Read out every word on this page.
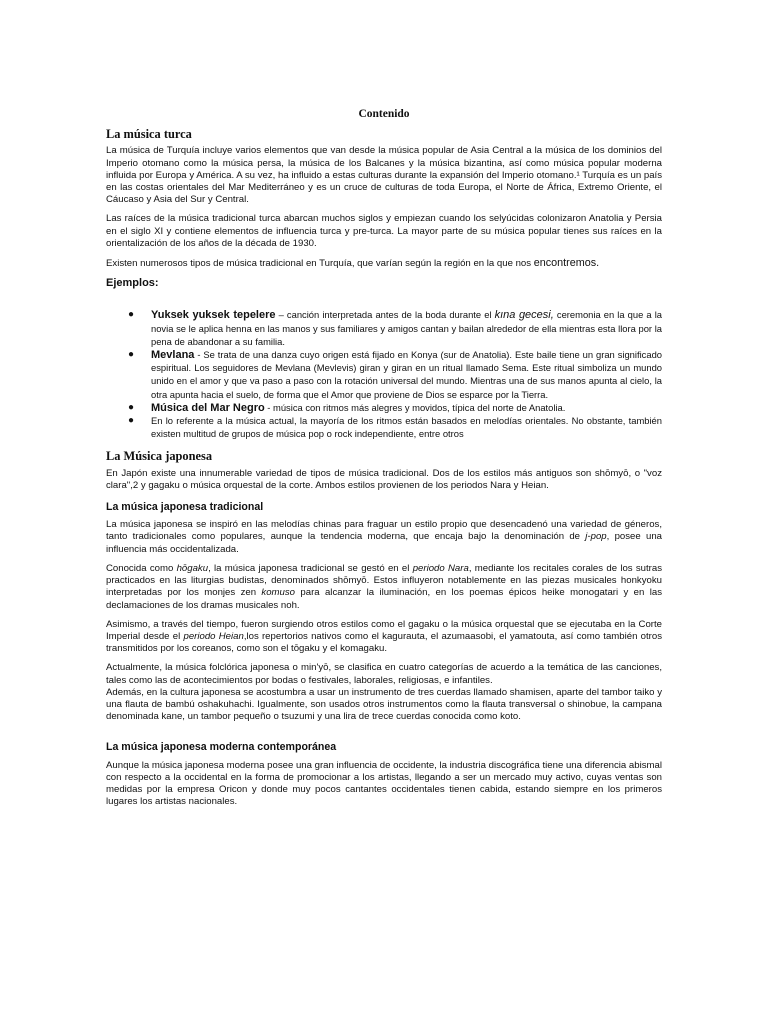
Contenido
La música turca

La música de Turquía incluye varios elementos que van desde la música popular de Asia Central a la música de los dominios del Imperio otomano como la música persa, la música de los Balcanes y la música bizantina, así como música popular moderna influida por Europa y América. A su vez, ha influido a estas culturas durante la expansión del Imperio otomano.¹ Turquía es un país en las costas orientales del Mar Mediterráneo y es un cruce de culturas de toda Europa, el Norte de África, Extremo Oriente, el Cáucaso y Asia del Sur y Central.

Las raíces de la música tradicional turca abarcan muchos siglos y empiezan cuando los selyúcidas colonizaron Anatolia y Persia en el siglo XI y contiene elementos de influencia turca y pre-turca. La mayor parte de su música popular tienes sus raíces en la orientalización de los años de la década de 1930.

Existen numerosos tipos de música tradicional en Turquía, que varían según la región en la que nos encontremos.

Ejemplos:
● Yuksek yuksek tepelere – canción interpretada antes de la boda durante el kına gecesi, ceremonia en la que a la novia se le aplica henna en las manos y sus familiares y amigos cantan y bailan alrededor de ella mientras esta llora por la pena de abandonar a su familia.
● Mevlana - Se trata de una danza cuyo origen está fijado en Konya (sur de Anatolia). Este baile tiene un gran significado espiritual. Los seguidores de Mevlana (Mevlevis) giran y giran en un ritual llamado Sema. Este ritual simboliza un mundo unido en el amor y que va paso a paso con la rotación universal del mundo. Mientras una de sus manos apunta al cielo, la otra apunta hacia el suelo, de forma que el Amor que proviene de Dios se esparce por la Tierra.
● Música del Mar Negro - música con ritmos más alegres y movidos, típica del norte de Anatolia.
● En lo referente a la música actual, la mayoría de los ritmos están basados en melodías orientales. No obstante, también existen multitud de grupos de música pop o rock independiente, entre otros
La Música japonesa

En Japón existe una innumerable variedad de tipos de música tradicional. Dos de los estilos más antiguos son shōmyō, o "voz clara",2 y gagaku o música orquestal de la corte. Ambos estilos provienen de los periodos Nara y Heian.

La música japonesa tradicional

La música japonesa se inspiró en las melodías chinas para fraguar un estilo propio que desencadenó una variedad de géneros, tanto tradicionales como populares, aunque la tendencia moderna, que encaja bajo la denominación de j-pop, posee una influencia más occidentalizada.

Conocida como hōgaku, la música japonesa tradicional se gestó en el periodo Nara, mediante los recitales corales de los sutras practicados en las liturgias budistas, denominados shōmyō. Estos influyeron notablemente en las piezas musicales honkyoku interpretadas por los monjes zen komuso para alcanzar la iluminación, en los poemas épicos heike monogatari y en las declamaciones de los dramas musicales noh.

Asimismo, a través del tiempo, fueron surgiendo otros estilos como el gagaku o la música orquestal que se ejecutaba en la Corte Imperial desde el periodo Heian,los repertorios nativos como el kagurauta, el azumaasobi, el yamatouta, así como también otros transmitidos por los coreanos, como son el tōgaku y el komagaku.

Actualmente, la música folclórica japonesa o min'yō, se clasifica en cuatro categorías de acuerdo a la temática de las canciones, tales como las de acontecimientos por bodas o festivales, laborales, religiosas, e infantiles.

Además, en la cultura japonesa se acostumbra a usar un instrumento de tres cuerdas llamado shamisen, aparte del tambor taiko y una flauta de bambú oshakuhachi. Igualmente, son usados otros instrumentos como la flauta transversal o shinobue, la campana denominada kane, un tambor pequeño o tsuzumi y una lira de trece cuerdas conocida como koto.

La música japonesa moderna contemporánea

Aunque la música japonesa moderna posee una gran influencia de occidente, la industria discográfica tiene una diferencia abismal con respecto a la occidental en la forma de promocionar a los artistas, llegando a ser un mercado muy activo, cuyas ventas son medidas por la empresa Oricon y donde muy pocos cantantes occidentales tienen cabida, estando siempre en los primeros lugares los artistas nacionales.
